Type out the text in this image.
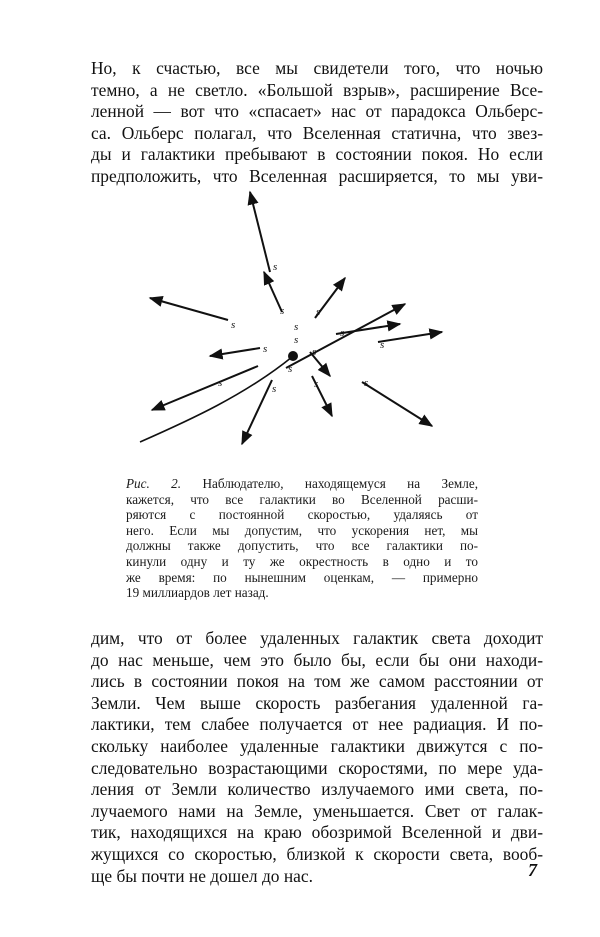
Но, к счастью, все мы свидетели того, что ночью
темно, а не светло. «Большой взрыв», расширение Все-
ленной — вот что «спасает» нас от парадокса Ольберс-
са. Ольберс полагал, что Вселенная статична, что звез-
ды и галактики пребывают в состоянии покоя. Но если
предположить, что Вселенная расширяется, то мы уви-
s
s
s
s
s
s
s
s	s
s	s	s	s
s
s
Рис. 2. Наблюдателю, находящемуся на Земле,
кажется, что все галактики во Вселенной расши-
ряются с постоянной скоростью, удаляясь от
него. Если мы допустим, что ускорения нет, мы
должны также допустить, что все галактики по-
кинули одну и ту же окрестность в одно и то
же время: по нынешним оценкам, — примерно
19 миллиардов лет назад.
дим, что от более удаленных галактик света доходит
до нас меньше, чем это было бы, если бы они находи-
лись в состоянии покоя на том же самом расстоянии от
Земли. Чем выше скорость разбегания удаленной га-
лактики, тем слабее получается от нее радиация. И по-
скольку наиболее удаленные галактики движутся с по-
следовательно возрастающими скоростями, по мере уда-
ления от Земли количество излучаемого ими света, по-
лучаемого нами на Земле, уменьшается. Свет от галак-
тик, находящихся на краю обозримой Вселенной и дви-
жущихся со скоростью, близкой к скорости света, вооб-
ще бы почти не дошел до нас.	7
